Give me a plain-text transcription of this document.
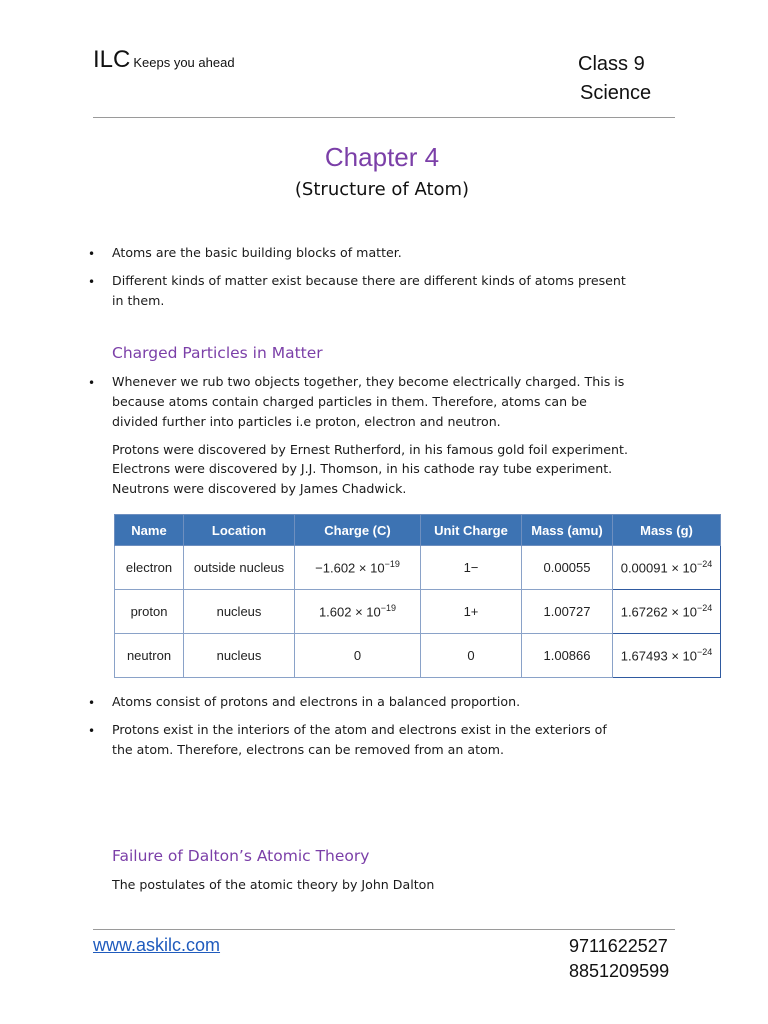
ILC Keeps you ahead	Class 9
Science
Chapter 4
(Structure of Atom)
• Atoms are the basic building blocks of matter.
• Different kinds of matter exist because there are different kinds of atoms present
in them.
Charged Particles in Matter
• Whenever we rub two objects together, they become electrically charged. This is
because atoms contain charged particles in them. Therefore, atoms can be
divided further into particles i.e proton, electron and neutron.
Protons were discovered by Ernest Rutherford, in his famous gold foil experiment.
Electrons were discovered by J.J. Thomson, in his cathode ray tube experiment.
Neutrons were discovered by James Chadwick.
Name	Location	Charge (C)	Unit Charge	Mass (amu)	Mass (g)
electron	outside nucleus	$-1.602 \times 10^{-19}$	1−	0.00055	$0.00091 \times 10^{-24}$
proton	nucleus	$1.602 \times 10^{-19}$	1+	1.00727	$1.67262 \times 10^{-24}$
neutron	nucleus	0	0	1.00866	$1.67493 \times 10^{-24}$
• Atoms consist of protons and electrons in a balanced proportion.
• Protons exist in the interiors of the atom and electrons exist in the exteriors of
the atom. Therefore, electrons can be removed from an atom.
Failure of Dalton’s Atomic Theory
The postulates of the atomic theory by John Dalton
www.askilc.com	9711622527
8851209599
